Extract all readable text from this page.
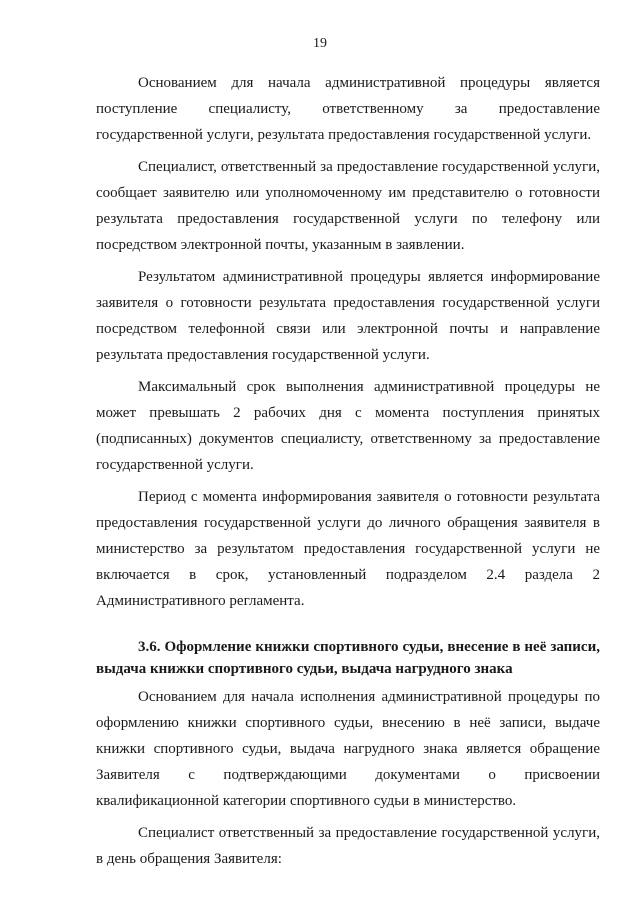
19

Основанием для начала административной процедуры является
поступление специалисту, ответственному за предоставление
государственной услуги, результата предоставления государственной услуги.

Специалист, ответственный за предоставление государственной услуги,
сообщает заявителю или уполномоченному им представителю о готовности
результата предоставления государственной услуги по телефону или
посредством электронной почты, указанным в заявлении.

Результатом административной процедуры является информирование
заявителя о готовности результата предоставления государственной услуги
посредством телефонной связи или электронной почты и направление
результата предоставления государственной услуги.

Максимальный срок выполнения административной процедуры не
может превышать 2 рабочих дня с момента поступления принятых
(подписанных) документов специалисту, ответственному за предоставление
государственной услуги.

Период с момента информирования заявителя о готовности результата
предоставления государственной услуги до личного обращения заявителя в
министерство за результатом предоставления государственной услуги не
включается в срок, установленный подразделом 2.4 раздела 2
Административного регламента.

3.6. Оформление книжки спортивного судьи, внесение в неё записи,
выдача книжки спортивного судьи, выдача нагрудного знака

Основанием для начала исполнения административной процедуры по
оформлению книжки спортивного судьи, внесению в неё записи, выдаче
книжки спортивного судьи, выдача нагрудного знака является обращение
Заявителя с подтверждающими документами о присвоении
квалификационной категории спортивного судьи в министерство.

Специалист ответственный за предоставление государственной услуги,
в день обращения Заявителя:
